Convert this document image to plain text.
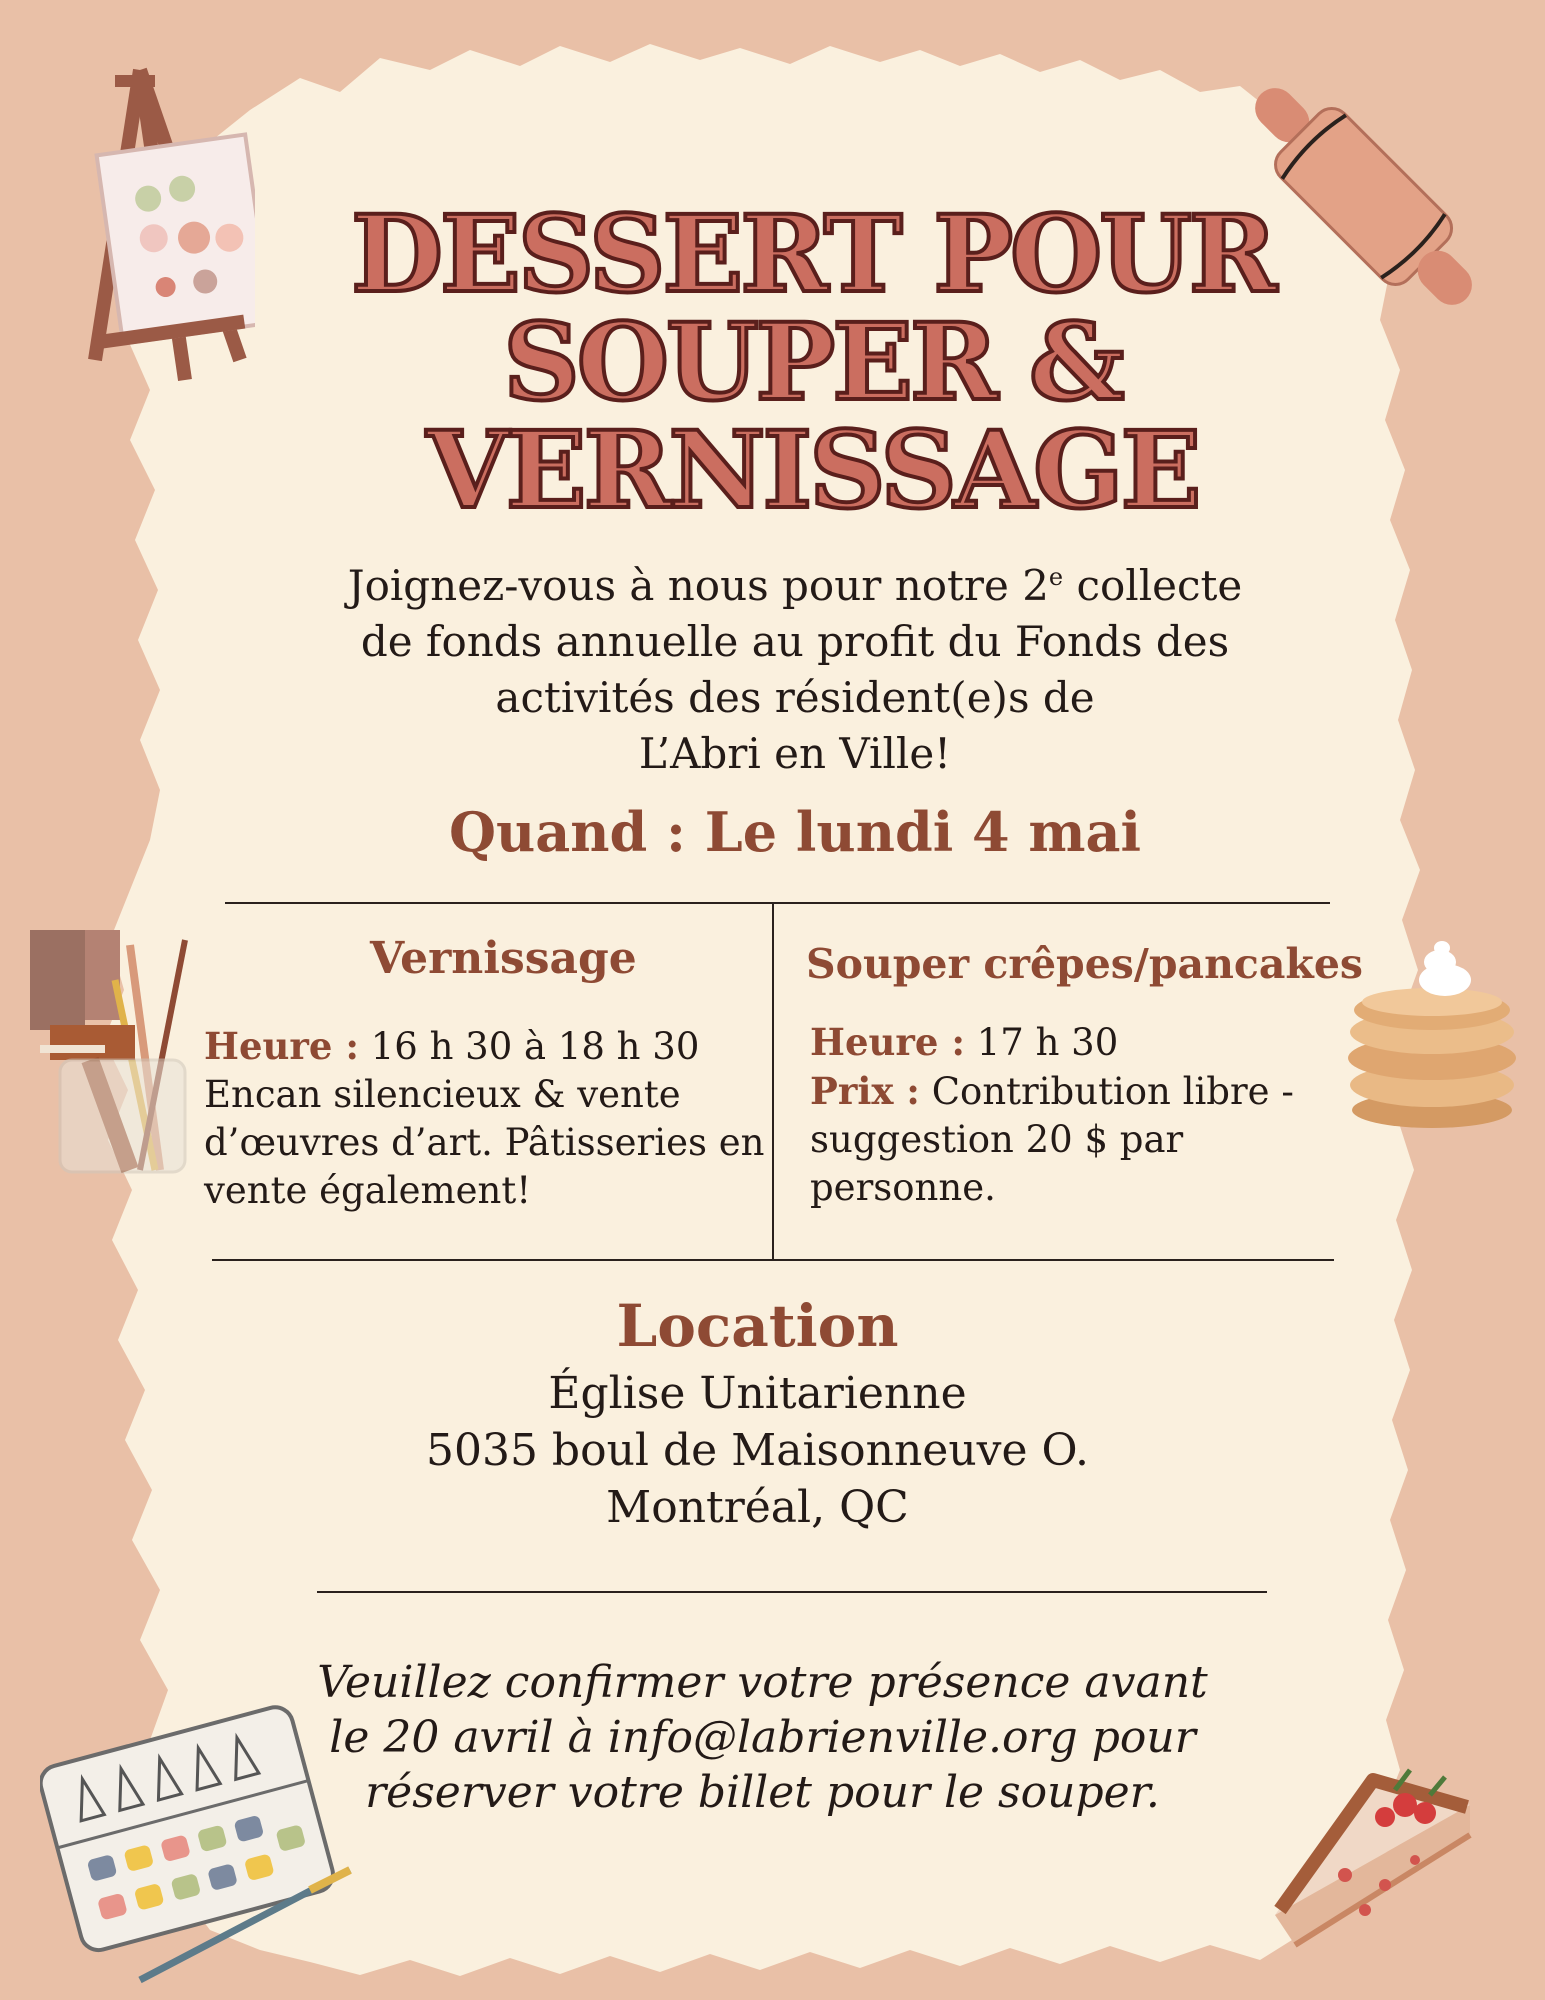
DESSERT POUR
SOUPER &
VERNISSAGE
Joignez-vous à nous pour notre 2e collecte
de fonds annuelle au profit du Fonds des
activités des résident(e)s de
L’Abri en Ville!
Quand : Le lundi 4 mai
Vernissage
Heure : 16 h 30 à 18 h 30
Encan silencieux & vente
d’œuvres d’art. Pâtisseries en
vente également!
Souper crêpes/pancakes
Heure : 17 h 30
Prix : Contribution libre -
suggestion 20 $ par
personne.
Location
Église Unitarienne
5035 boul de Maisonneuve O.
Montréal, QC
Veuillez confirmer votre présence avant
le 20 avril à info@labrienville.org pour
réserver votre billet pour le souper.
